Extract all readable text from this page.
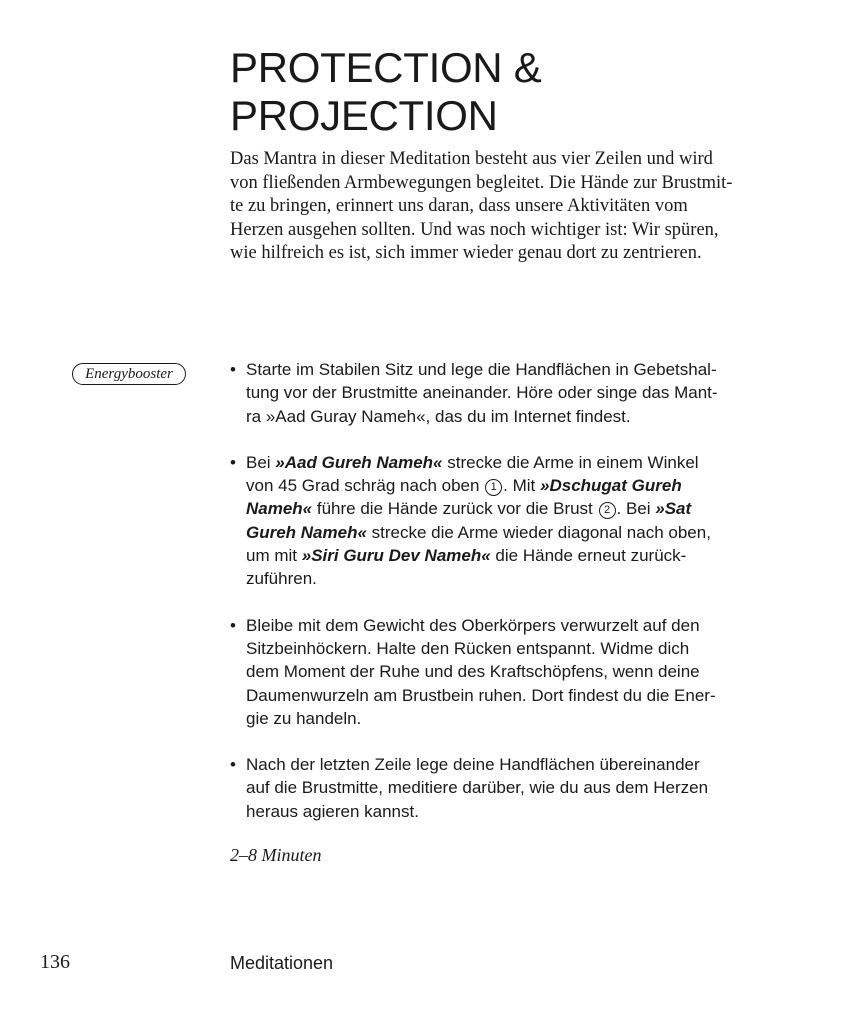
PROTECTION &
PROJECTION
Das Mantra in dieser Meditation besteht aus vier Zeilen und wird
von fließenden Armbewegungen begleitet. Die Hände zur Brustmit-
te zu bringen, erinnert uns daran, dass unsere Aktivitäten vom
Herzen ausgehen sollten. Und was noch wichtiger ist: Wir spüren,
wie hilfreich es ist, sich immer wieder genau dort zu zentrieren.
Energybooster	• Starte im Stabilen Sitz und lege die Handflächen in Gebetshal-
tung vor der Brustmitte aneinander. Höre oder singe das Mant-
ra »Aad Guray Nameh«, das du im Internet findest.
• Bei »Aad Gureh Nameh« strecke die Arme in einem Winkel
von 45 Grad schräg nach oben 1 . Mit »Dschugat Gureh
Nameh« führe die Hände zurück vor die Brust 2 . Bei »Sat
Gureh Nameh« strecke die Arme wieder diagonal nach oben,
um mit »Siri Guru Dev Nameh« die Hände erneut zurück-
zuführen.
• Bleibe mit dem Gewicht des Oberkörpers verwurzelt auf den
Sitzbeinhöckern. Halte den Rücken entspannt. Widme dich
dem Moment der Ruhe und des Kraftschöpfens, wenn deine
Daumenwurzeln am Brustbein ruhen. Dort findest du die Ener-
gie zu handeln.
• Nach der letzten Zeile lege deine Handflächen übereinander
auf die Brustmitte, meditiere darüber, wie du aus dem Herzen
heraus agieren kannst.
2–8 Minuten
136	Meditationen
